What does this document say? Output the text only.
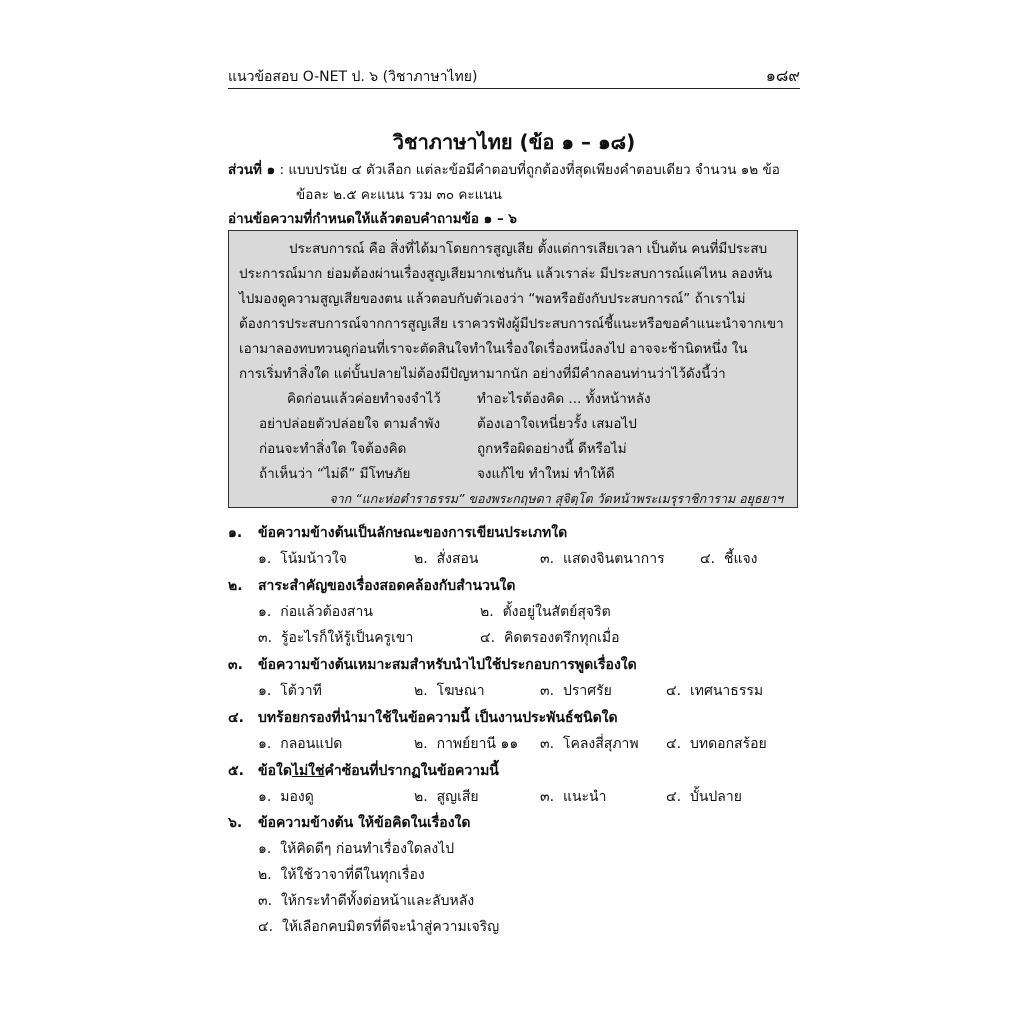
แนวข้อสอบ O-NET ป. ๖ (วิชาภาษาไทย)	๑๘๙
วิชาภาษาไทย (ข้อ ๑ – ๑๘)
ส่วนที่ ๑ : แบบปรนัย ๔ ตัวเลือก แต่ละข้อมีคำตอบที่ถูกต้องที่สุดเพียงคำตอบเดียว จำนวน ๑๒ ข้อ
ข้อละ ๒.๕ คะแนน รวม ๓๐ คะแนน
อ่านข้อความที่กำหนดให้แล้วตอบคำถามข้อ ๑ – ๖
ประสบการณ์ คือ สิ่งที่ได้มาโดยการสูญเสีย ตั้งแต่การเสียเวลา เป็นต้น คนที่มีประสบ
ประการณ์มาก ย่อมต้องผ่านเรื่องสูญเสียมากเช่นกัน แล้วเราล่ะ มีประสบการณ์แค่ไหน ลองหัน
ไปมองดูความสูญเสียของตน แล้วตอบกับตัวเองว่า “พอหรือยังกับประสบการณ์” ถ้าเราไม่
ต้องการประสบการณ์จากการสูญเสีย เราควรฟังผู้มีประสบการณ์ชี้แนะหรือขอคำแนะนำจากเขา
เอามาลองทบทวนดูก่อนที่เราจะตัดสินใจทำในเรื่องใดเรื่องหนึ่งลงไป อาจจะช้านิดหนึ่ง ใน
การเริ่มทำสิ่งใด แต่บั้นปลายไม่ต้องมีปัญหามากนัก อย่างที่มีคำกลอนท่านว่าไว้ดังนี้ว่า
คิดก่อนแล้วค่อยทำจงจำไว้	ทำอะไรต้องคิด ... ทั้งหน้าหลัง
อย่าปล่อยตัวปล่อยใจ ตามลำพัง	ต้องเอาใจเหนี่ยวรั้ง เสมอไป
ก่อนจะทำสิ่งใด ใจต้องคิด	ถูกหรือผิดอย่างนี้ ดีหรือไม่
ถ้าเห็นว่า “ไม่ดี” มีโทษภัย	จงแก้ไข ทำใหม่ ทำให้ดี
จาก “แกะห่อตำราธรรม” ของพระกฤษดา สุจิตฺโต วัดหน้าพระเมรุราชิการาม อยุธยาฯ
๑. ข้อความข้างต้นเป็นลักษณะของการเขียนประเภทใด
๑. โน้มน้าวใจ	๒. สั่งสอน	๓. แสดงจินตนาการ	๔. ชี้แจง
๒. สาระสำคัญของเรื่องสอดคล้องกับสำนวนใด
๑. ก่อแล้วต้องสาน	๒. ตั้งอยู่ในสัตย์สุจริต
๓. รู้อะไรก็ให้รู้เป็นครูเขา	๔. คิดตรองตรึกทุกเมื่อ
๓. ข้อความข้างต้นเหมาะสมสำหรับนำไปใช้ประกอบการพูดเรื่องใด
๑. โต้วาที	๒. โฆษณา	๓. ปราศรัย	๔. เทศนาธรรม
๔. บทร้อยกรองที่นำมาใช้ในข้อความนี้ เป็นงานประพันธ์ชนิดใด
๑. กลอนแปด	๒. กาพย์ยานี ๑๑ ๓. โคลงสี่สุภาพ ๔. บทดอกสร้อย
๕. ข้อใดไม่ใช่คำซ้อนที่ปรากฏในข้อความนี้
๑. มองดู	๒. สูญเสีย	๓. แนะนำ	๔. บั้นปลาย
๖. ข้อความข้างต้น ให้ข้อคิดในเรื่องใด
๑. ให้คิดดีๆ ก่อนทำเรื่องใดลงไป
๒. ให้ใช้วาจาที่ดีในทุกเรื่อง
๓. ให้กระทำดีทั้งต่อหน้าและลับหลัง
๔. ให้เลือกคบมิตรที่ดีจะนำสู่ความเจริญ
